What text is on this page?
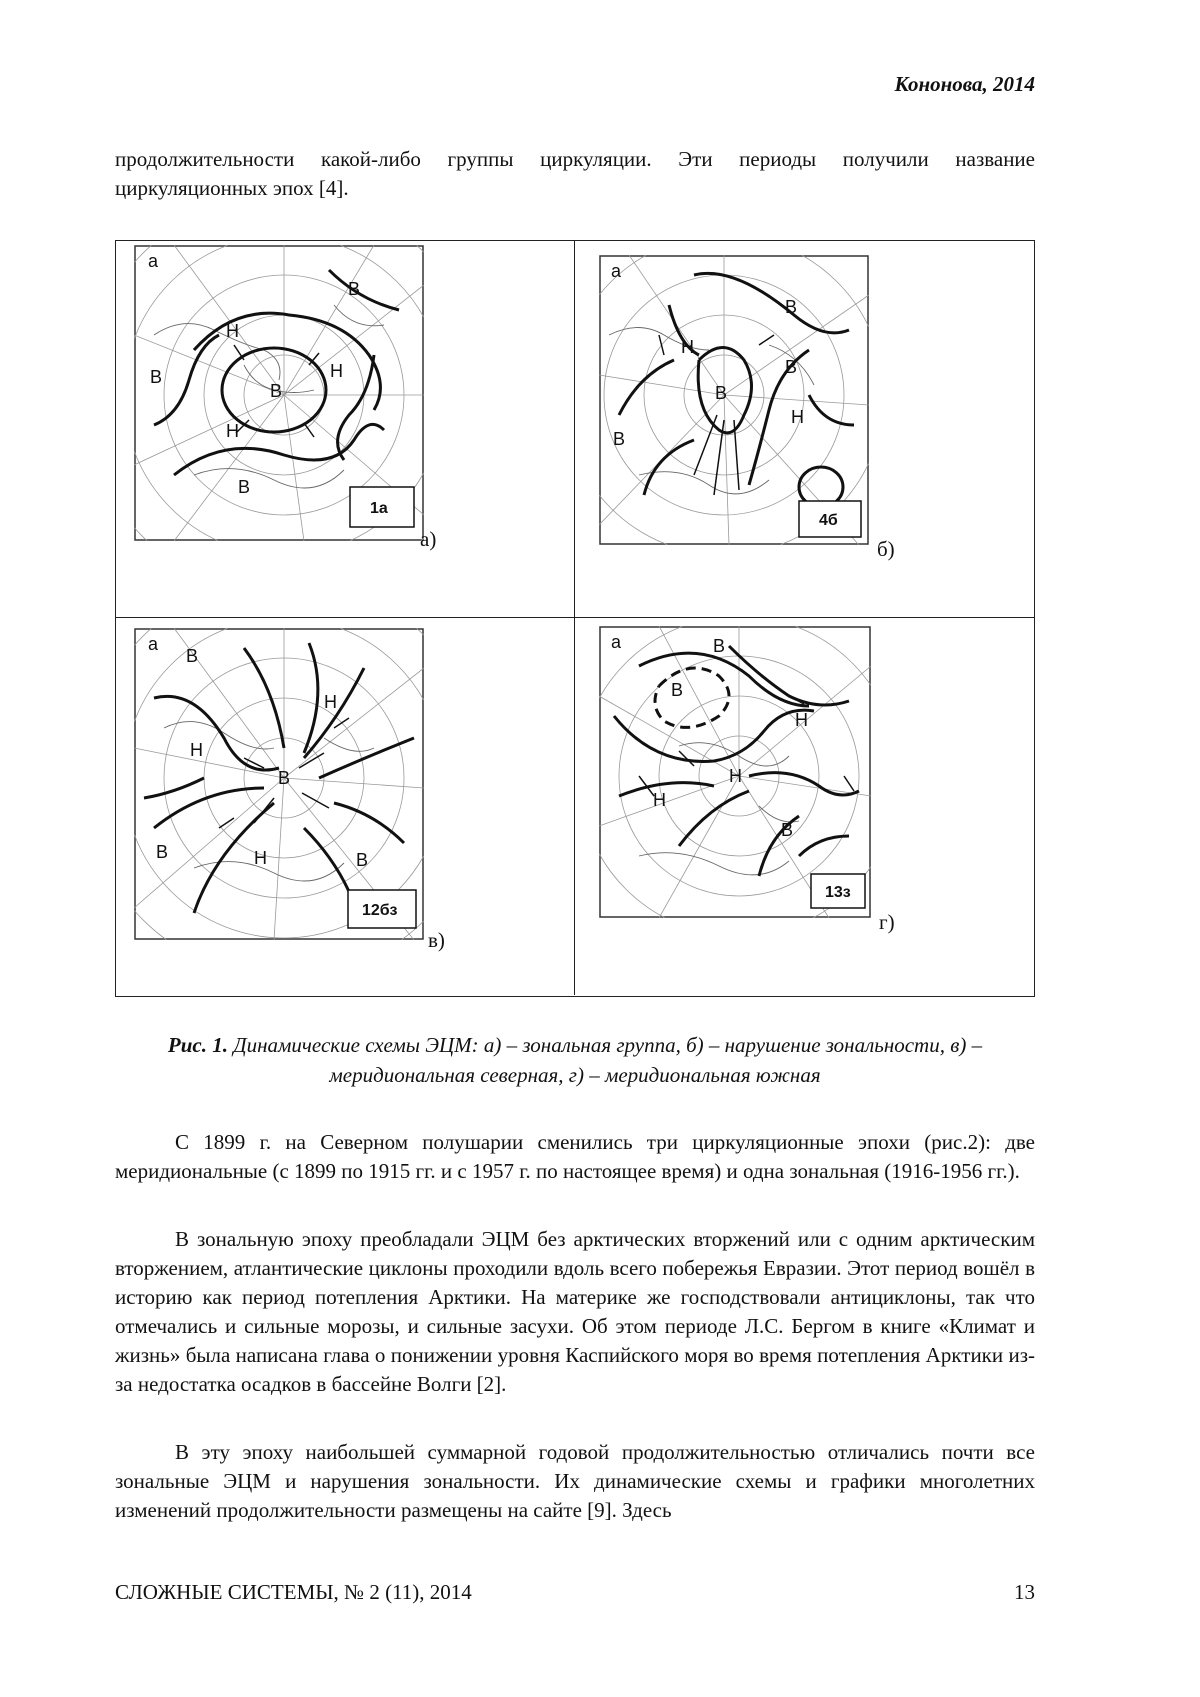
Кононова, 2014

продолжительности какой-либо группы циркуляции. Эти периоды получили название циркуляционных эпох [4].

а
В
Н
В
Н
В
Н
В
1а
а)
а
В
Н
В
В
Н
В
4б
б)
а
В
Н
В
Н
В	В
Н
12бз
в)
а	В
В
Н
Н
Н
В
13з
г)

Рис. 1. Динамические схемы ЭЦМ: а) – зональная группа, б) – нарушение зональности, в) – меридиональная северная, г) – меридиональная южная

С 1899 г. на Северном полушарии сменились три циркуляционные эпохи (рис.2): две меридиональные (с 1899 по 1915 гг. и с 1957 г. по настоящее время) и одна зональная (1916-1956 гг.).

В зональную эпоху преобладали ЭЦМ без арктических вторжений или с одним арктическим вторжением, атлантические циклоны проходили вдоль всего побережья Евразии. Этот период вошёл в историю как период потепления Арктики. На материке же господствовали антициклоны, так что отмечались и сильные морозы, и сильные засухи. Об этом периоде Л.С. Бергом в книге «Климат и жизнь» была написана глава о понижении уровня Каспийского моря во время потепления Арктики из-за недостатка осадков в бассейне Волги [2].

В эту эпоху наибольшей суммарной годовой продолжительностью отличались почти все зональные ЭЦМ и нарушения зональности. Их динамические схемы и графики многолетних изменений продолжительности размещены на сайте [9]. Здесь

СЛОЖНЫЕ СИСТЕМЫ, № 2 (11), 2014	13
